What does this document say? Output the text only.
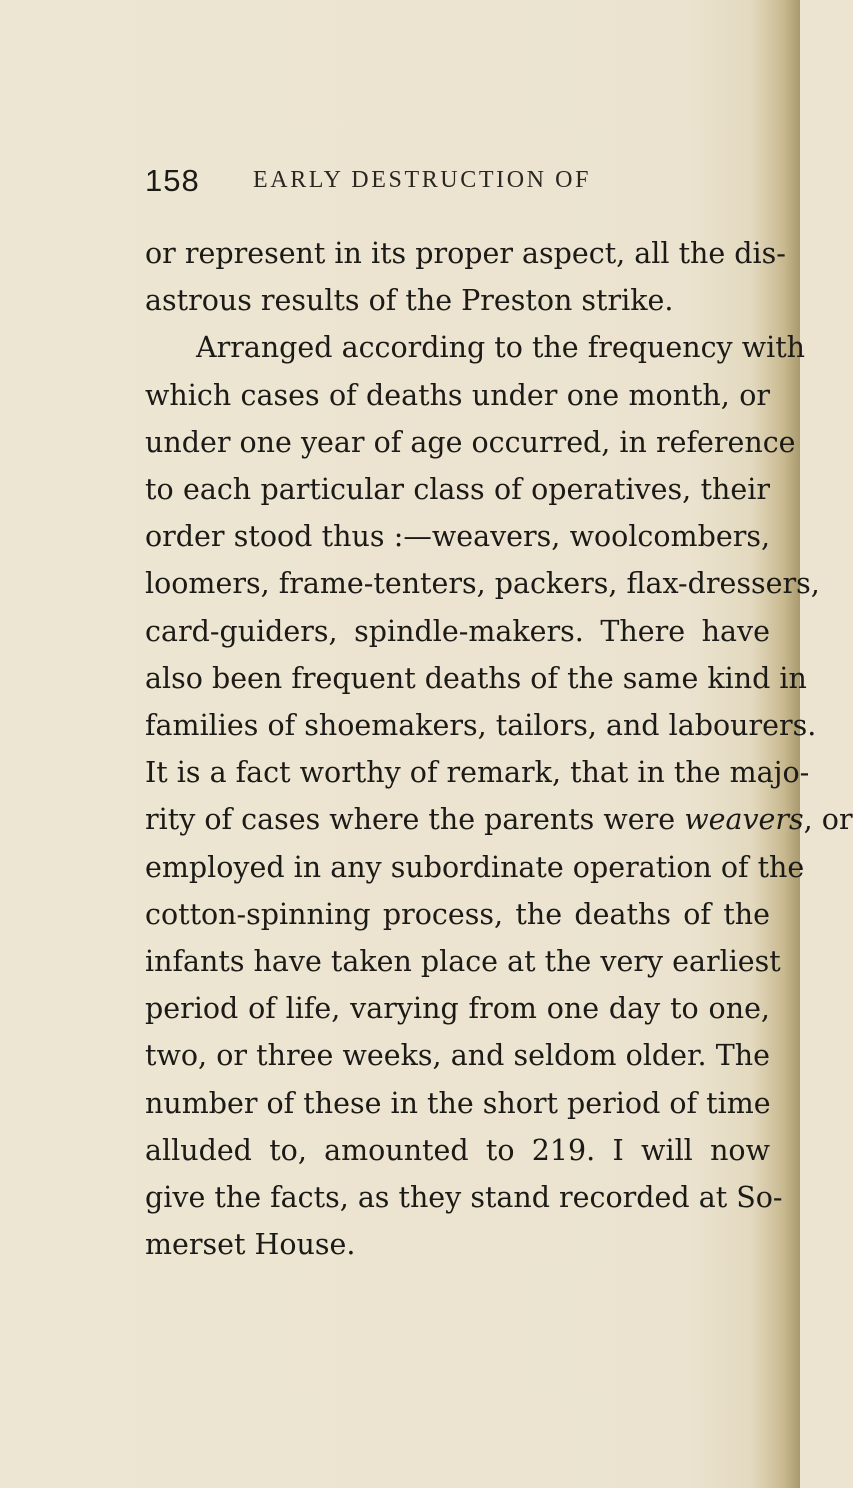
158 EARLY DESTRUCTION OF
or represent in its proper aspect, all the dis-
astrous results of the Preston strike.
Arranged according to the frequency with
which cases of deaths under one month, or
under one year of age occurred, in reference
to each particular class of operatives, their
order stood thus :—weavers, woolcombers,
loomers, frame-tenters, packers, flax-dressers,
card-guiders, spindle-makers. There have
also been frequent deaths of the same kind in
families of shoemakers, tailors, and labourers.
It is a fact worthy of remark, that in the majo-
rity of cases where the parents were weavers, or
employed in any subordinate operation of the
cotton-spinning process, the deaths of the
infants have taken place at the very earliest
period of life, varying from one day to one,
two, or three weeks, and seldom older. The
number of these in the short period of time
alluded to, amounted to 219. I will now
give the facts, as they stand recorded at So-
merset House.
